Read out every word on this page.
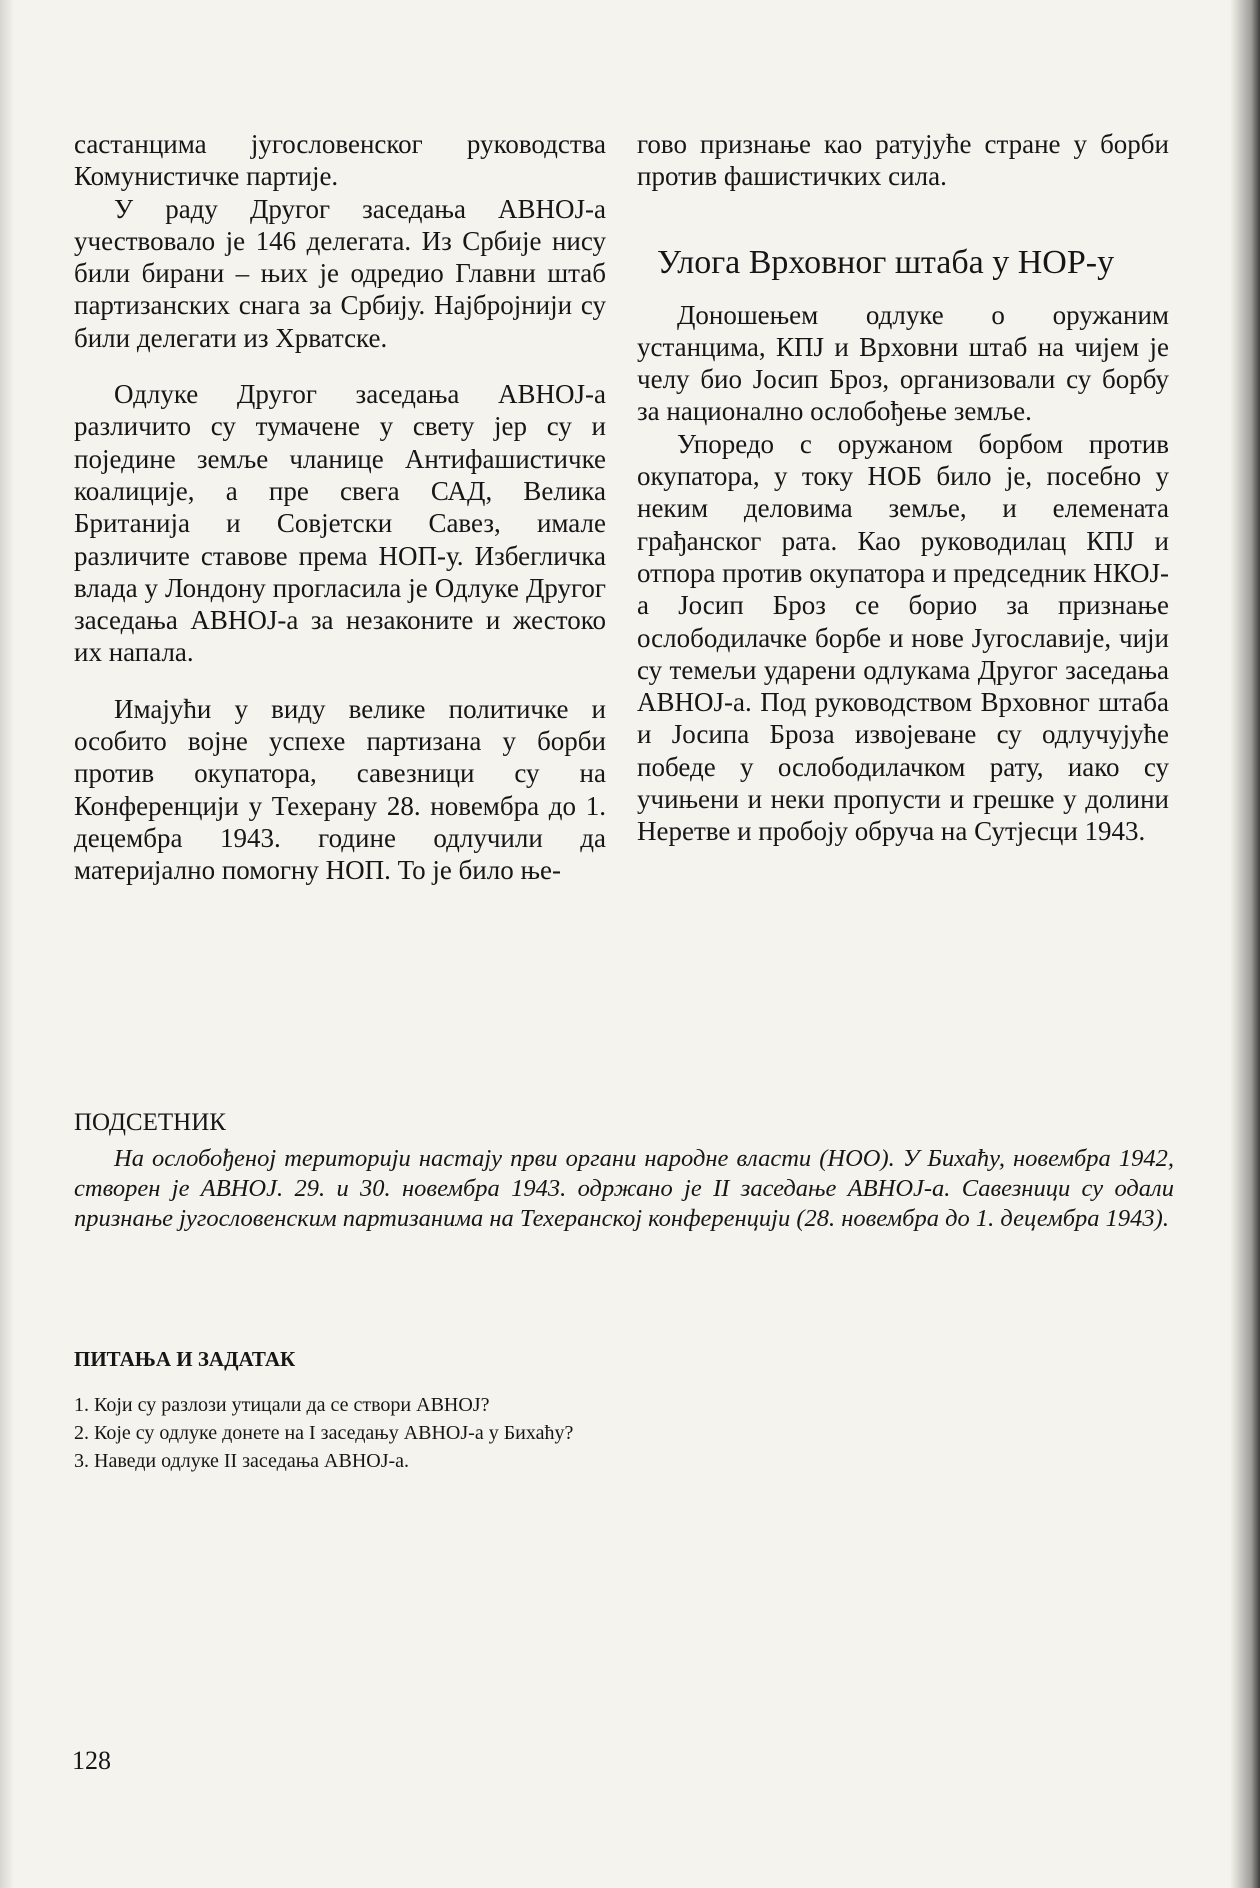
састанцима југословенског руководства Комунистичке партије.

У раду Другог заседања АВНОЈ-а учествовало је 146 делегата. Из Србије нису били бирани – њих је одредио Главни штаб партизанских снага за Србију. Најбројнији су били делегати из Хрватске.

Одлуке Другог заседања АВНОЈ-а различито су тумачене у свету јер су и поједине земље чланице Антифашистичке коалиције, а пре свега САД, Велика Британија и Совјетски Савез, имале различите ставове према НОП-у. Избегличка влада у Лондону прогласила је Одлуке Другог заседања АВНОЈ-а за незаконите и жестоко их напала.

Имајући у виду велике политичке и особито војне успехе партизана у борби против окупатора, савезници су на Конференцији у Техерану 28. новембра до 1. децембра 1943. године одлучили да материјално помогну НОП. То је било ње-

гово признање као ратујуће стране у борби против фашистичких сила.

Улога Врховног штаба у НОР-у

Доношењем одлуке о оружаним устанцима, КПЈ и Врховни штаб на чијем је челу био Јосип Броз, организовали су борбу за национално ослобођење земље.

Упоредо с оружаном борбом против окупатора, у току НОБ било је, посебно у неким деловима земље, и елемената грађанског рата. Као руководилац КПЈ и отпора против окупатора и председник НКОЈ-а Јосип Броз се борио за признање ослободилачке борбе и нове Југославије, чији су темељи ударени одлукама Другог заседања АВНОЈ-а. Под руководством Врховног штаба и Јосипа Броза извојеване су одлучујуће победе у ослободилачком рату, иако су учињени и неки пропусти и грешке у долини Неретве и пробоју обруча на Сутјесци 1943.

ПОДСЕТНИК

На ослобођеној територији настају први органи народне власти (НОО). У Бихаћу, новембра 1942, створен је АВНОЈ. 29. и 30. новембра 1943. одржано је II заседање АВНОЈ-а. Савезници су одали признање југословенским партизанима на Техеранској конференцији (28. новембра до 1. децембра 1943).

ПИТАЊА И ЗАДАТАК
1. Који су разлози утицали да се створи АВНОЈ?
2. Које су одлуке донете на I заседању АВНОЈ-а у Бихаћу?
3. Наведи одлуке II заседања АВНОЈ-а.
128
